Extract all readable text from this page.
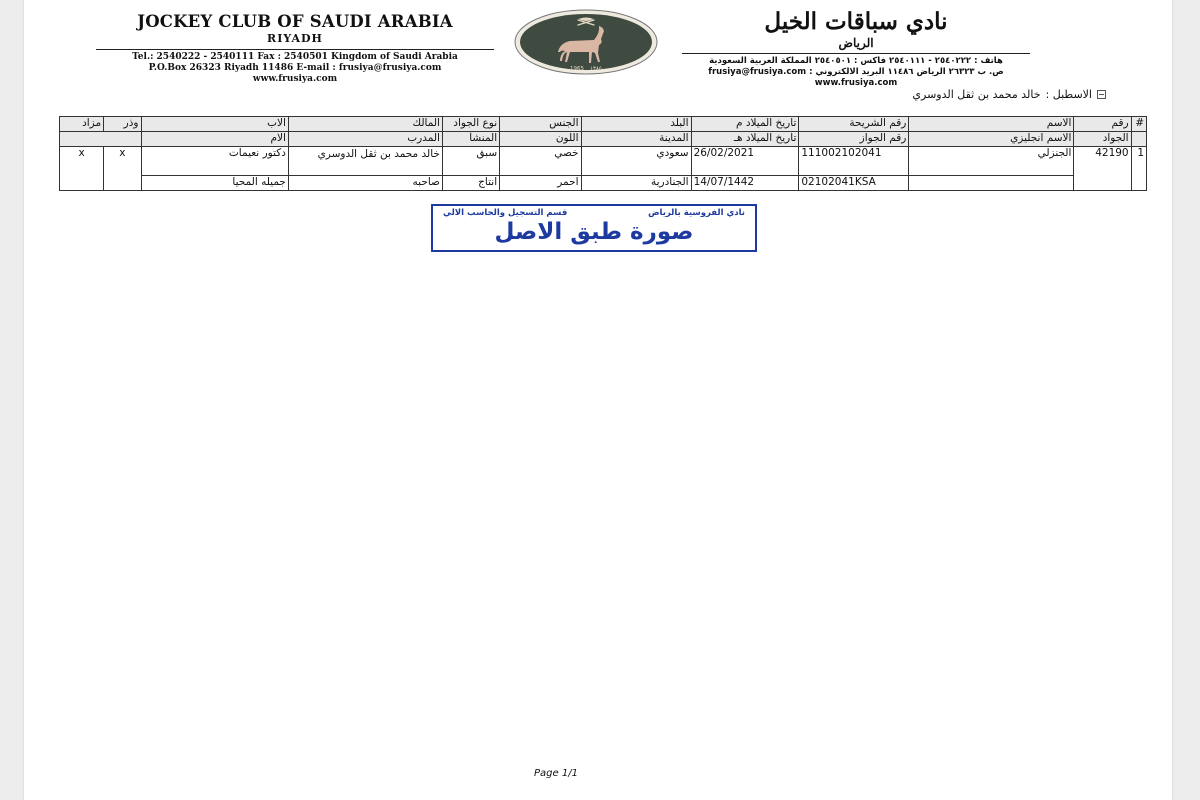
JOCKEY CLUB OF SAUDI ARABIA
RIYADH
Tel.: 2540222 - 2540111 Fax : 2540501 Kingdom of Saudi Arabia
P.O.Box 26323 Riyadh 11486 E-mail : frusiya@frusiya.com
www.frusiya.com
1965 ١٣٨٥
نادي سباقات الخيل
الرياض
هاتف : ٢٥٤٠٢٢٢ - ٢٥٤٠١١١ فاكس : ٢٥٤٠٥٠١ المملكة العربية السعودية
ص. ب ٢٦٣٢٣ الرياض ١١٤٨٦ البريد الالكتروني : frusiya@frusiya.com
www.frusiya.com
الاسطبل :
خالد محمد بن ثقل الدوسري
#	رقم	الاسم	رقم الشريحة	تاريخ الميلاد م	البلد	الجنس	نوع الجواد	المالك	الاب	وذر	مزاد
	الجواد	الاسم انجليزي	رقم الجواز	تاريخ الميلاد هـ	المدينة	اللون	المنشأ	المدرب	الام		
1	42190	الجنزلي	111002102041	26/02/2021	سعودي	خصي	سبق	خالد محمد بن ثقل الدوسري	دكتور نعيمات	x	x
			02102041KSA	14/07/1442	الجنادرية	احمر	انتاج	صاحبه	جميله المحيا		
نادي الفروسية بالرياض
قسم التسجيل والحاسب الالي
صورة طبق الاصل
Page 1/1
